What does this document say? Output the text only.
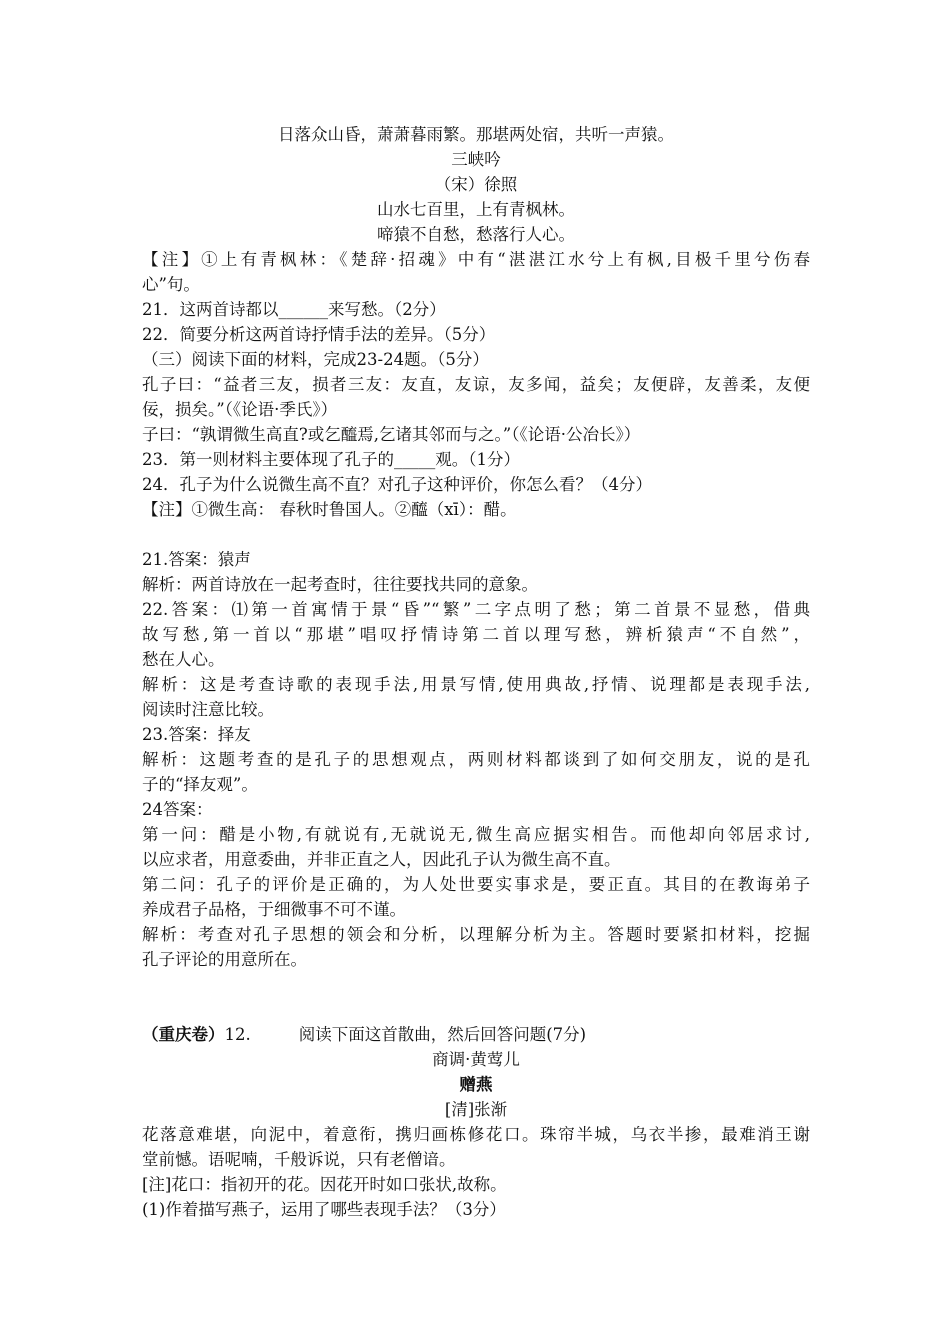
日落众山昏，萧萧暮雨繁。那堪两处宿，共听一声猿。
三峡吟
（宋）徐照
山水七百里，上有青枫林。
啼猿不自愁，愁落行人心。
【注】①上有青枫林：《楚辞·招魂》中有“湛湛江水兮上有枫,目极千里兮伤春
心”句。
21．这两首诗都以______来写愁。（2分）
22．简要分析这两首诗抒情手法的差异。（5分）
（三）阅读下面的材料，完成23-24题。（5分）
孔子曰：“益者三友，损者三友：友直，友谅，友多闻，益矣；友便辟，友善柔，友便
佞，损矣。”（《论语·季氏》）
子曰：“孰谓微生高直?或乞醯焉,乞诸其邻而与之。”（《论语·公冶长》）
23．第一则材料主要体现了孔子的_____观。（1分）
24．孔子为什么说微生高不直？对孔子这种评价，你怎么看？（4分）
【注】①微生高： 春秋时鲁国人。②醯（xī）：醋。
21.答案：猿声
解析：两首诗放在一起考查时，往往要找共同的意象。
22.答案：⑴第一首寓情于景“昏”“繁”二字点明了愁；第二首景不显愁，借典
故写愁,第一首以“那堪”唱叹抒情诗第二首以理写愁，辨析猿声“不自然”，
愁在人心。
解析：这是考查诗歌的表现手法,用景写情,使用典故,抒情、说理都是表现手法,
阅读时注意比较。
23.答案：择友
解析：这题考查的是孔子的思想观点，两则材料都谈到了如何交朋友，说的是孔
子的“择友观”。
24答案：
第一问：醋是小物,有就说有,无就说无,微生高应据实相告。而他却向邻居求讨,
以应求者，用意委曲，并非正直之人，因此孔子认为微生高不直。
第二问：孔子的评价是正确的，为人处世要实事求是，要正直。其目的在教诲弟子
养成君子品格，于细微事不可不谨。
解析：考查对孔子思想的领会和分析，以理解分析为主。答题时要紧扣材料，挖掘
孔子评论的用意所在。
（重庆卷）12.	阅读下面这首散曲，然后回答问题(7分)
商调·黄莺儿
赠燕
[清]张渐
花落意难堪，向泥中，着意衔，携归画栋修花口。珠帘半城，乌衣半掺，最难消王谢
堂前憾。语呢喃，千般诉说，只有老僧谙。
[注]花口：指初开的花。因花开时如口张状,故称。
(1)作着描写燕子，运用了哪些表现手法？（3分）
